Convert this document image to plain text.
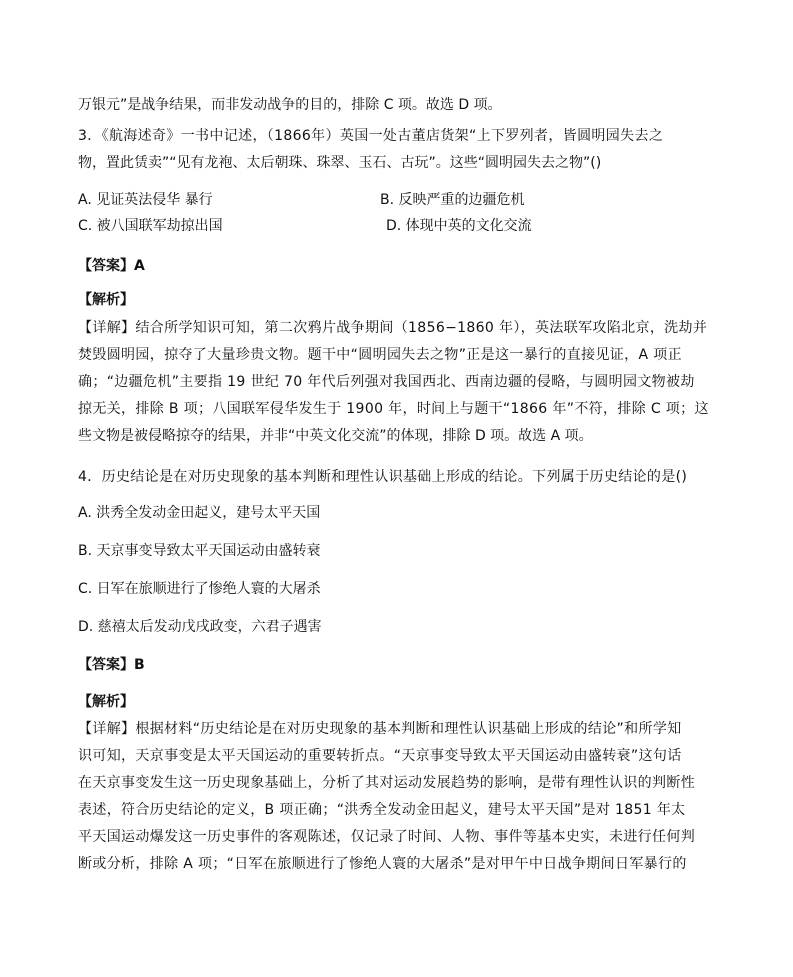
万银元”是战争结果，而非发动战争的目的，排除 C 项。故选 D 项。
3．《航海述奇》一书中记述，（1866年）英国一处古董店货架“上下罗列者，皆圆明园失去之
物，置此赁卖”“见有龙袍、太后朝珠、珠翠、玉石、古玩”。这些“圆明园失去之物”()
A. 见证英法侵华 暴行	B. 反映严重的边疆危机
C. 被八国联军劫掠出国	D. 体现中英的文化交流
【答案】A
【解析】
【详解】结合所学知识可知，第二次鸦片战争期间（1856−1860 年），英法联军攻陷北京，洗劫并
焚毁圆明园，掠夺了大量珍贵文物。题干中“圆明园失去之物”正是这一暴行的直接见证，A 项正
确；“边疆危机”主要指 19 世纪 70 年代后列强对我国西北、西南边疆的侵略，与圆明园文物被劫
掠无关，排除 B 项；八国联军侵华发生于 1900 年，时间上与题干“1866 年”不符，排除 C 项；这
些文物是被侵略掠夺的结果，并非“中英文化交流”的体现，排除 D 项。故选 A 项。
4．历史结论是在对历史现象的基本判断和理性认识基础上形成的结论。下列属于历史结论的是()
A. 洪秀全发动金田起义，建号太平天国
B. 天京事变导致太平天国运动由盛转衰
C. 日军在旅顺进行了惨绝人寰的大屠杀
D. 慈禧太后发动戊戌政变，六君子遇害
【答案】B
【解析】
【详解】根据材料“历史结论是在对历史现象的基本判断和理性认识基础上形成的结论”和所学知
识可知，天京事变是太平天国运动的重要转折点。“天京事变导致太平天国运动由盛转衰”这句话
在天京事变发生这一历史现象基础上，分析了其对运动发展趋势的影响，是带有理性认识的判断性
表述，符合历史结论的定义，B 项正确；“洪秀全发动金田起义，建号太平天国”是对 1851 年太
平天国运动爆发这一历史事件的客观陈述，仅记录了时间、人物、事件等基本史实，未进行任何判
断或分析，排除 A 项；“日军在旅顺进行了惨绝人寰的大屠杀”是对甲午中日战争期间日军暴行的
